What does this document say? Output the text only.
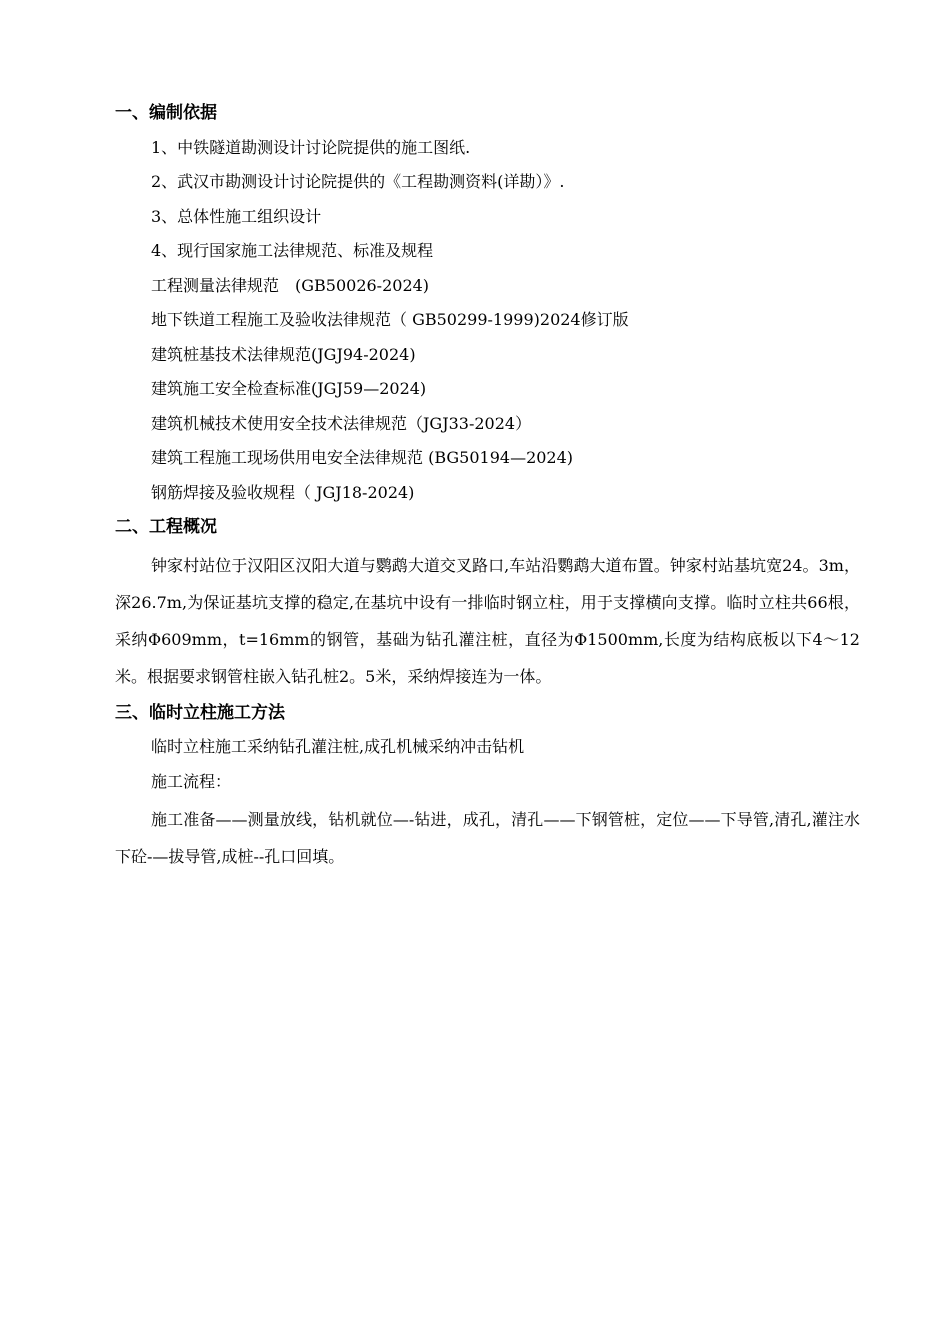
一、编制依据
1、中铁隧道勘测设计讨论院提供的施工图纸.
2、武汉市勘测设计讨论院提供的《工程勘测资料(详勘）》.
3、总体性施工组织设计
4、现行国家施工法律规范、标准及规程
工程测量法律规范　(GB50026-2024)
地下铁道工程施工及验收法律规范（ GB50299-1999)2024修订版
建筑桩基技术法律规范(JGJ94-2024)
建筑施工安全检查标准(JGJ59—2024)
建筑机械技术使用安全技术法律规范（JGJ33-2024）
建筑工程施工现场供用电安全法律规范 (BG50194—2024)
钢筋焊接及验收规程（ JGJ18-2024)
二、工程概况
钟家村站位于汉阳区汉阳大道与鹦鹉大道交叉路口,车站沿鹦鹉大道布置。钟家村站基坑宽24。3m，深26.7m,为保证基坑支撑的稳定,在基坑中设有一排临时钢立柱，用于支撑横向支撑。临时立柱共66根，采纳Φ609mm，t=16mm的钢管，基础为钻孔灌注桩，直径为Φ1500mm,长度为结构底板以下4～12米。根据要求钢管柱嵌入钻孔桩2。5米，采纳焊接连为一体。
三、临时立柱施工方法
临时立柱施工采纳钻孔灌注桩,成孔机械采纳冲击钻机
施工流程：
施工准备——测量放线，钻机就位—-钻进，成孔，清孔——下钢管桩，定位——下导管,清孔,灌注水下砼-—拔导管,成桩--孔口回填。
